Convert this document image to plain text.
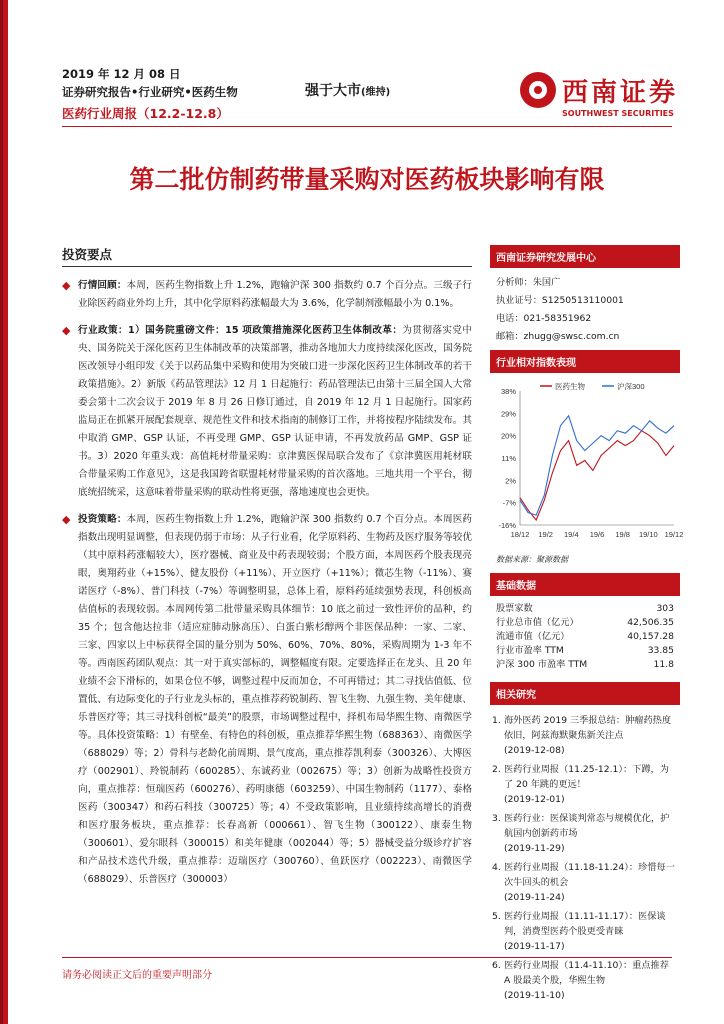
2019 年 12 月 08 日
证券研究报告•行业研究•医药生物
医药行业周报（12.2-12.8）
强于大市(维持)	西南证券
SOUTHWEST SECURITIES
第二批仿制药带量采购对医药板块影响有限
投资要点
◆ 行情回顾：本周，医药生物指数上升 1.2%，跑输沪深 300 指数约 0.7 个百分点。三级子行业除医药商业外均上升，其中化学原料药涨幅最大为 3.6%，化学制剂涨幅最小为 0.1%。
◆ 行业政策：1）国务院重磅文件：15 项政策措施深化医药卫生体制改革：为贯彻落实党中央、国务院关于深化医药卫生体制改革的决策部署，推动各地加大力度持续深化医改，国务院医改领导小组印发《关于以药品集中采购和使用为突破口进一步深化医药卫生体制改革的若干政策措施》。2）新版《药品管理法》12 月 1 日起施行：药品管理法已由第十三届全国人大常委会第十二次会议于 2019 年 8 月 26 日修订通过，自 2019 年 12 月 1 日起施行。国家药监局正在抓紧开展配套规章、规范性文件和技术指南的制修订工作，并将按程序陆续发布。其中取消 GMP、GSP 认证，不再受理 GMP、GSP 认证申请，不再发放药品 GMP、GSP 证书。3）2020 年重头戏：高值耗材带量采购：京津冀医保局联合发布了《京津冀医用耗材联合带量采购工作意见》，这是我国跨省联盟耗材带量采购的首次落地。三地共用一个平台，彻底统招统采，这意味着带量采购的联动性将更强，落地速度也会更快。
◆ 投资策略：本周，医药生物指数上升 1.2%，跑输沪深 300 指数约 0.7 个百分点。本周医药指数出现明显调整，但表现仍弱于市场：从子行业看，化学原料药、生物药及医疗服务等较优（其中原料药涨幅较大），医疗器械、商业及中药表现较弱；个股方面，本周医药个股表现亮眼，奥翔药业（+15%）、健友股份（+11%）、开立医疗（+11%）；微芯生物（-11%）、赛诺医疗（-8%）、普门科技（-7%）等调整明显，总体上看，原料药延续强势表现，科创板高估值标的表现较弱。本周网传第二批带量采购具体细节：10 底之前过一致性评价的品种，约 35 个；包含他达拉非（适应症肺动脉高压）、白蛋白紫杉醇两个非医保品种：一家、二家、三家、四家以上中标获得全国的量分别为 50%、60%、70%、80%，采购周期为 1-3 年不等。西南医药团队观点：其一对于真实部标的，调整幅度有限。定要选择正在龙头、且 20 年业绩不会下滑标的，如果仓位不够，调整过程中反而加仓，不可再错过；其二寻找估值低、位置低、有边际变化的子行业龙头标的，重点推荐药锐制药、智飞生物、九强生物、美年健康、乐普医疗等；其三寻找科创板“最美”的股票，市场调整过程中，择机布局华熙生物、南微医学等。具体投资策略：1）有壁垒、有特色的科创板，重点推荐华熙生物（688363）、南微医学（688029）等；2）骨科与老龄化前周期、景气度高，重点推荐凯利泰（300326）、大博医疗（002901）、羚锐制药（600285）、东诚药业（002675）等；3）创新为战略性投资方向，重点推荐：恒瑞医药（600276）、药明康德（603259）、中国生物制药（1177）、泰格医药（300347）和药石科技（300725）等；4）不受政策影响，且业绩持续高增长的消费和医疗服务板块，重点推荐：长春高新（000661）、智飞生物（300122）、康泰生物（300601）、爱尔眼科（300015）和美年健康（002044）等；5）器械受益分级诊疗扩容和产品技术迭代升级，重点推荐：迈瑞医疗（300760）、鱼跃医疗（002223）、南微医学（688029）、乐普医疗（300003）
西南证券研究发展中心
分析师：朱国广
执业证号：S1250513110001
电话：021-58351962
邮箱：zhugg@swsc.com.cn
行业相对指数表现
38%
29%
20%
11%
2%
-7%
-16%
18/12 19/2 19/4 19/6 19/8 19/10 19/12
医药生物	沪深300
数据来源：聚源数据
基础数据
股票家数	303
行业总市值（亿元）	42,506.35
流通市值（亿元）	40,157.28
行业市盈率 TTM	33.85
沪深 300 市盈率 TTM	11.8
相关研究
1. 海外医药 2019 三季报总结：肿瘤药热度依旧，阿兹海默聚焦新关注点
(2019-12-08)
2. 医药行业周报（11.25-12.1）：下蹲，为了 20 年跳的更远！
(2019-12-01)
3. 医药行业：医保谈判常态与规模优化，护航国内创新药市场
(2019-11-29)
4. 医药行业周报（11.18-11.24）：珍惜每一次牛回头的机会
(2019-11-24)
5. 医药行业周报（11.11-11.17）：医保谈判，消费型医药个股更受青睐
(2019-11-17)
6. 医药行业周报（11.4-11.10）：重点推荐 A 股最美个股，华熙生物
(2019-11-10)
请务必阅读正文后的重要声明部分
